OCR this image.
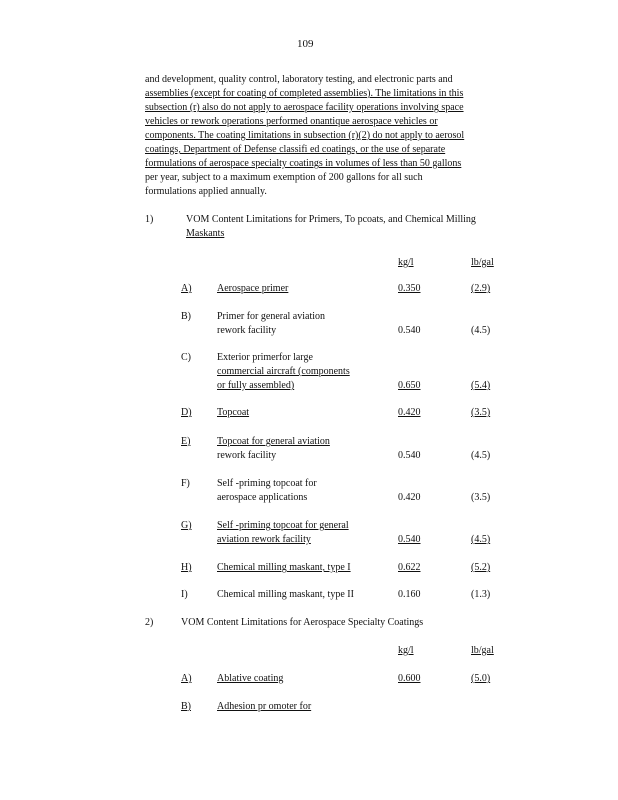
109
and development, quality control, laboratory testing, and electronic parts and
assemblies (except for coating of completed assemblies). The limitations in this
subsection (r) also do not apply to aerospace facility operations involving space
vehicles or rework operations performed onantique aerospace vehicles or
components. The coating limitations in subsection (r)(2) do not apply to aerosol
coatings, Department of Defense classifi ed coatings, or the use of separate
formulations of aerospace specialty coatings in volumes of less than 50 gallons
per year, subject to a maximum exemption of 200 gallons for all such
formulations applied annually.
1)	VOM Content Limitations for Primers, To pcoats, and Chemical Milling
Maskants
kg/l	lb/gal
A)	Aerospace primer	0.350	(2.9)
B)	Primer for general aviation
rework facility	0.540	(4.5)
C)	Exterior primerfor large
commercial aircraft (components
or fully assembled)	0.650	(5.4)
D)	Topcoat	0.420	(3.5)
E)	Topcoat for general aviation
rework facility	0.540	(4.5)
F)	Self -priming topcoat for
aerospace applications	0.420	(3.5)
G)	Self -priming topcoat for general
aviation rework facility	0.540	(4.5)
H)	Chemical milling maskant, type I	0.622	(5.2)
I)	Chemical milling maskant, type II	0.160	(1.3)
2)	VOM Content Limitations for Aerospace Specialty Coatings
kg/l	lb/gal
A)	Ablative coating	0.600	(5.0)
B)	Adhesion pr omoter for
